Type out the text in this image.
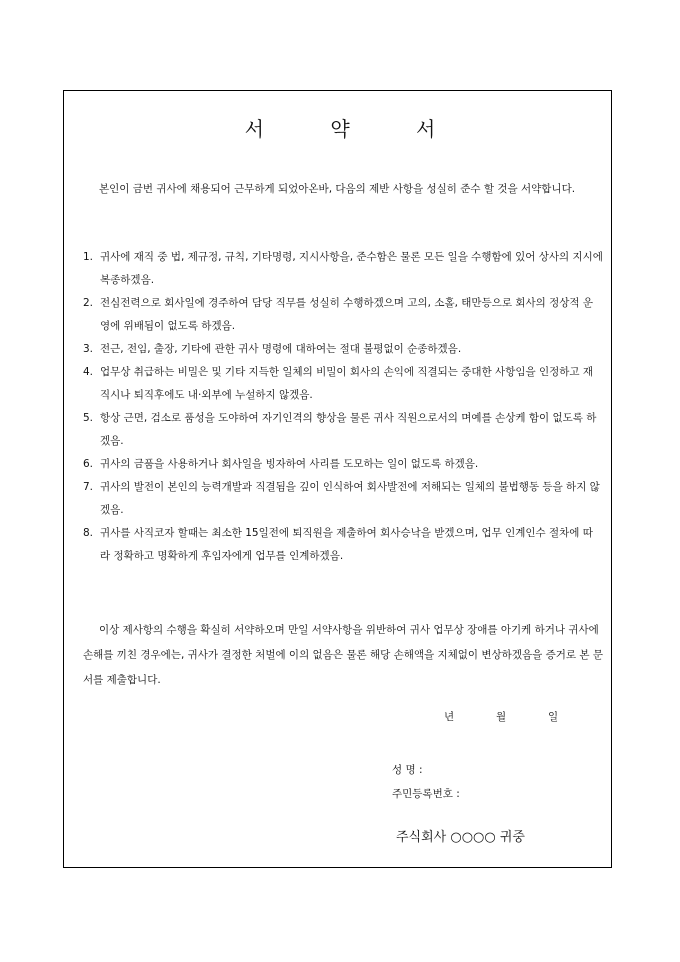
서 약 서
본인이 금번 귀사에 채용되어 근무하게 되었아온바, 다음의 제반 사항을 성실히 준수 할 것을 서약합니다.
1. 귀사에 재직 중 법, 제규정, 규칙, 기타명령, 지시사항을, 준수함은 물론 모든 일을 수행함에 있어 상사의 지시에 복종하겠음.
2. 전심전력으로 회사일에 경주하여 담당 직무를 성실히 수행하겠으며 고의, 소홀, 태만등으로 회사의 정상적 운영에 위배됨이 없도록 하겠음.
3. 전근, 전임, 출장, 기타에 관한 귀사 명령에 대하여는 절대 불평없이 순종하겠음.
4. 업무상 취급하는 비밀은 및 기타 지득한 일체의 비밀이 회사의 손익에 직결되는 중대한 사항임을 인정하고 재직시나 퇴직후에도 내·외부에 누설하지 않겠음.
5. 항상 근면, 검소로 품성을 도야하여 자기인격의 향상을 물론 귀사 직원으로서의 며예를 손상케 함이 없도록 하겠음.
6. 귀사의 금품을 사용하거나 회사일을 빙자하여 사리를 도모하는 일이 없도록 하겠음.
7. 귀사의 발전이 본인의 능력개발과 직결됨을 깊이 인식하여 회사발전에 저해되는 일체의 불법행동 등을 하지 않겠음.
8. 귀사를 사직코자 할때는 최소한 15일전에 퇴직원을 제출하여 회사승낙을 받겠으며, 업무 인계인수 절차에 따라 정확하고 명확하게 후임자에게 업무를 인계하겠음.
이상 제사항의 수행을 확실히 서약하오며 만일 서약사항을 위반하여 귀사 업무상 장애를 아기케 하거나 귀사에 손해를 끼친 경우에는, 귀사가 결정한 처벌에 이의 없음은 물론 해당 손해액을 지체없이 변상하겠음을 증거로 본 문서를 제출합니다.
년	월	일
성 명 :
주민등록번호 :
주식회사 ○○○○ 귀중
